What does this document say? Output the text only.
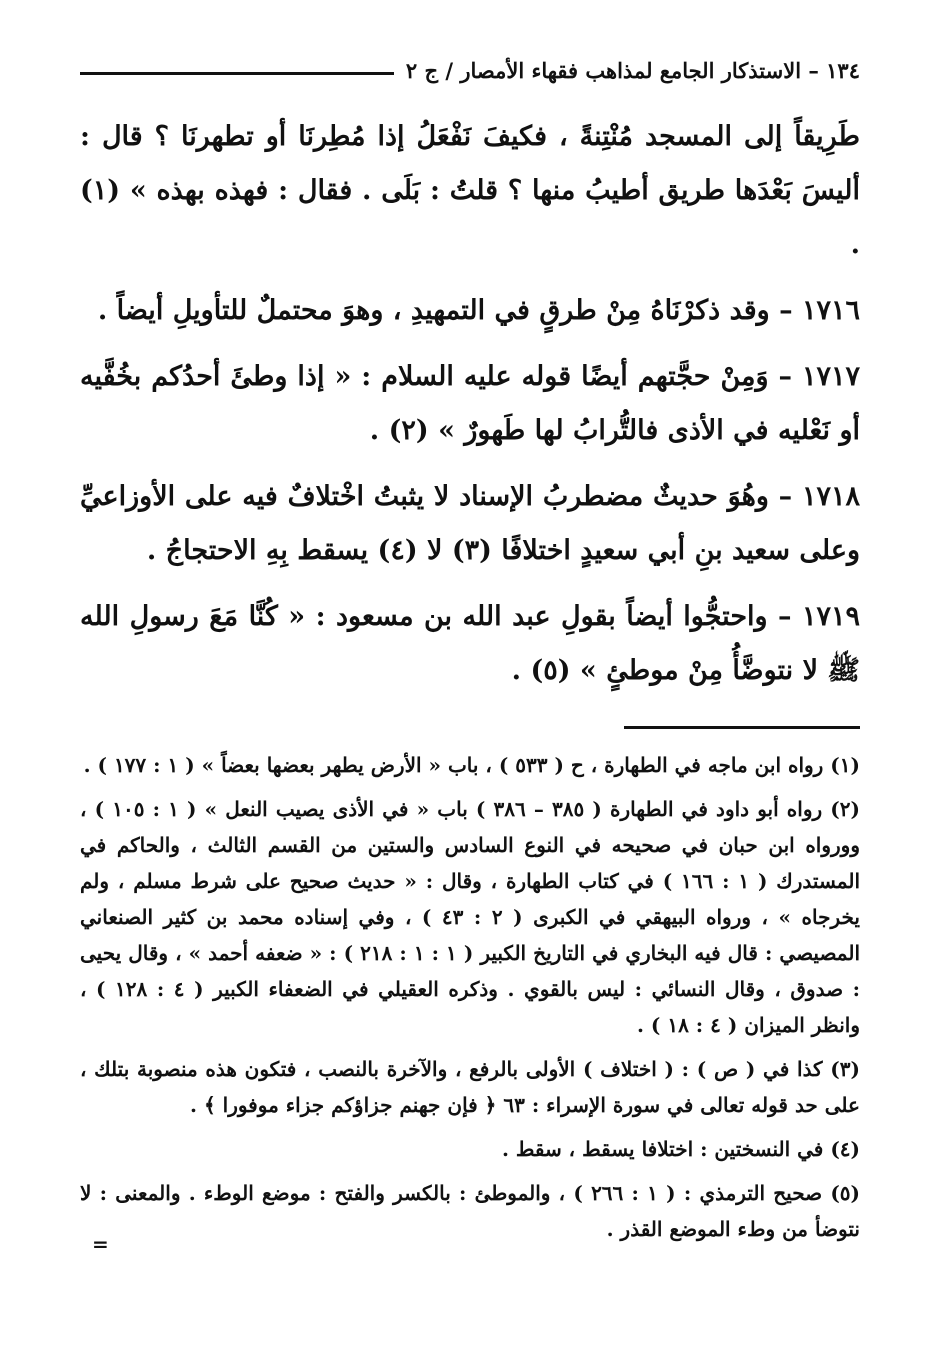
١٣٤ – الاستذكار الجامع لمذاهب فقهاء الأمصار / ج ٢

طَرِيقاً إلى المسجد مُنْتِنةً ، فكيفَ نَفْعَلُ إذا مُطِرنَا أو تطهرنَا ؟ قال : أليسَ بَعْدَها طريق أطيبُ منها ؟ قلتُ : بَلَى . فقال : فهذه بهذه » (١) .

١٧١٦ – وقد ذكرْنَاهُ مِنْ طرقٍ في التمهيدِ ، وهوَ محتملٌ للتأويلِ أيضاً .

١٧١٧ – وَمِنْ حجَّتهم أيضًا قوله عليه السلام : « إذا وطئَ أحدُكم بخُفَّيه أو نَعْليه في الأذى فالتُّرابُ لها طَهورٌ » (٢) .

١٧١٨ – وهُوَ حديثٌ مضطربُ الإسناد لا يثبتُ اخْتلافٌ فيه على الأوزاعيِّ وعلى سعيد بنِ أبي سعيدٍ اختلافًا (٣) لا (٤) يسقط بِهِ الاحتجاجُ .

١٧١٩ – واحتجُّوا أيضاً بقولِ عبد الله بن مسعود : « كُنَّا مَعَ رسولِ الله ﷺ لا نتوضَّأُ مِنْ موطئٍ » (٥) .

(١) رواه ابن ماجه في الطهارة ، ح ( ٥٣٣ ) ، باب « الأرض يطهر بعضها بعضاً » ( ١ : ١٧٧ ) .

(٢) رواه أبو داود في الطهارة ( ٣٨٥ – ٣٨٦ ) باب « في الأذى يصيب النعل » ( ١ : ١٠٥ ) ، وورواه ابن حبان في صحيحه في النوع السادس والستين من القسم الثالث ، والحاكم في المستدرك ( ١ : ١٦٦ ) في كتاب الطهارة ، وقال : « حديث صحيح على شرط مسلم ، ولم يخرجاه » ، ورواه البيهقي في الكبرى ( ٢ : ٤٣ ) ، وفي إسناده محمد بن كثير الصنعاني المصيصي : قال فيه البخاري في التاريخ الكبير ( ١ : ١ : ٢١٨ ) : « ضعفه أحمد » ، وقال يحيى : صدوق ، وقال النسائي : ليس بالقوي . وذكره العقيلي في الضعفاء الكبير ( ٤ : ١٢٨ ) ، وانظر الميزان ( ٤ : ١٨ ) .

(٣) كذا في ( ص ) : ( اختلاف ) الأولى بالرفع ، والآخرة بالنصب ، فتكون هذه منصوبة بتلك ، على حد قوله تعالى في سورة الإسراء : ٦٣ ﴿ فإن جهنم جزاؤكم جزاء موفورا ﴾ .

(٤) في النسختين : اختلافا يسقط ، سقط .

(٥) صحيح الترمذي : ( ١ : ٢٦٦ ) ، والموطئ : بالكسر والفتح : موضع الوطء . والمعنى : لا نتوضأ من وطء الموضع القذر .

=
